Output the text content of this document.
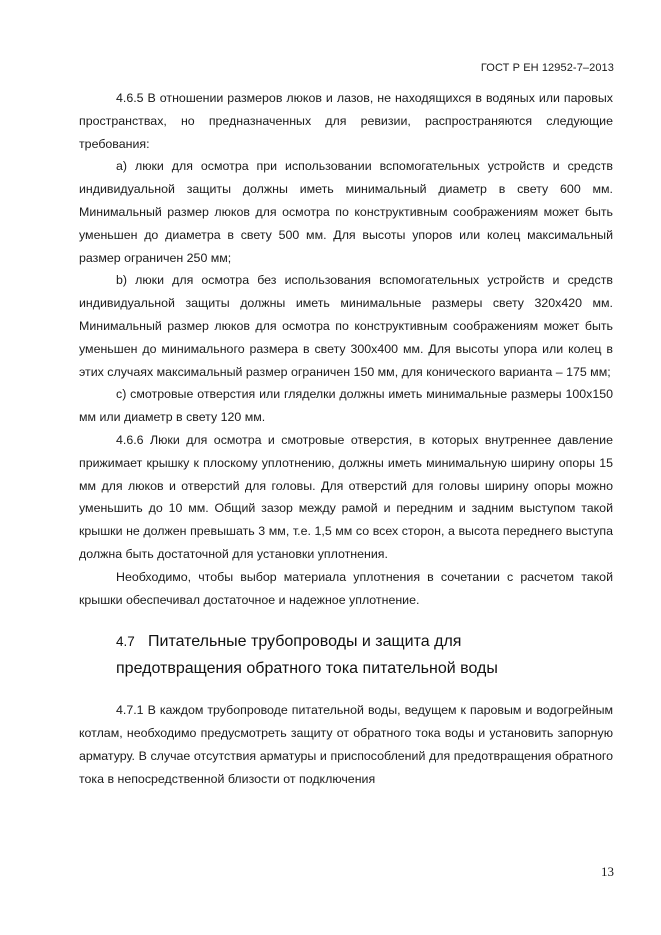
ГОСТ Р ЕН 12952-7–2013

4.6.5 В отношении размеров люков и лазов, не находящихся в водяных или паровых пространствах, но предназначенных для ревизии, распространяются следующие требования:

a) люки для осмотра при использовании вспомогательных устройств и средств индивидуальной защиты должны иметь минимальный диаметр в свету 600 мм. Минимальный размер люков для осмотра по конструктивным соображениям может быть уменьшен до диаметра в свету 500 мм. Для высоты упоров или колец максимальный размер ограничен 250 мм;

b) люки для осмотра без использования вспомогательных устройств и средств индивидуальной защиты должны иметь минимальные размеры свету 320x420 мм. Минимальный размер люков для осмотра по конструктивным соображениям может быть уменьшен до минимального размера в свету 300x400 мм. Для высоты упора или колец в этих случаях максимальный размер ограничен 150 мм, для конического варианта – 175 мм;

c) смотровые отверстия или гляделки должны иметь минимальные размеры 100x150 мм или диаметр в свету 120 мм.

4.6.6 Люки для осмотра и смотровые отверстия, в которых внутреннее давление прижимает крышку к плоскому уплотнению, должны иметь минимальную ширину опоры 15 мм для люков и отверстий для головы. Для отверстий для головы ширину опоры можно уменьшить до 10 мм. Общий зазор между рамой и передним и задним выступом такой крышки не должен превышать 3 мм, т.е. 1,5 мм со всех сторон, а высота переднего выступа должна быть достаточной для установки уплотнения.

Необходимо, чтобы выбор материала уплотнения в сочетании с расчетом такой крышки обеспечивал достаточное и надежное уплотнение.

4.7 Питательные трубопроводы и защита для
предотвращения обратного тока питательной воды

4.7.1 В каждом трубопроводе питательной воды, ведущем к паровым и водогрейным котлам, необходимо предусмотреть защиту от обратного тока воды и установить запорную арматуру. В случае отсутствия арматуры и приспособлений для предотвращения обратного тока в непосредственной близости от подключения

13
